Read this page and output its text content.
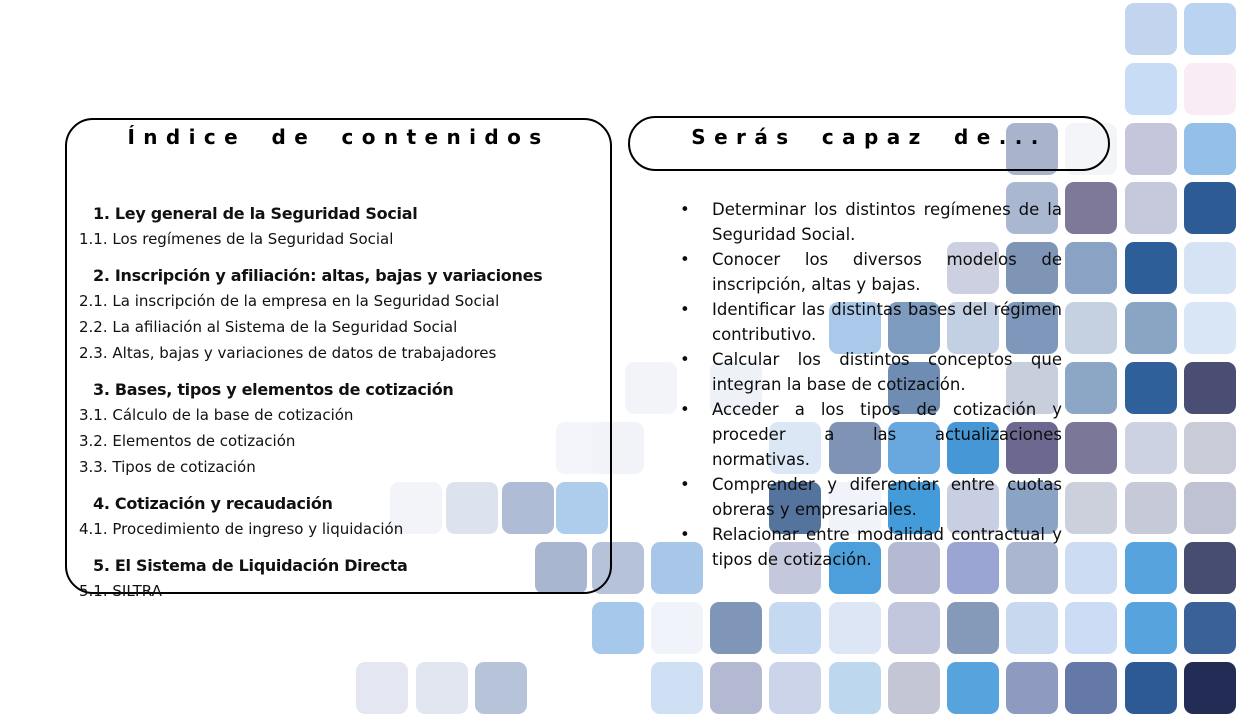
Índice de contenidos
1. Ley general de la Seguridad Social
1.1. Los regímenes de la Seguridad Social
2. Inscripción y afiliación: altas, bajas y variaciones
2.1. La inscripción de la empresa en la Seguridad Social
2.2. La afiliación al Sistema de la Seguridad Social
2.3. Altas, bajas y variaciones de datos de trabajadores
3. Bases, tipos y elementos de cotización
3.1. Cálculo de la base de cotización
3.2. Elementos de cotización
3.3. Tipos de cotización
4. Cotización y recaudación
4.1. Procedimiento de ingreso y liquidación
5. El Sistema de Liquidación Directa
5.1. SILTRA
Serás capaz de...
•	Determinar los distintos regímenes de la Seguridad Social.
•	Conocer los diversos modelos de inscripción, altas y bajas.
•	Identificar las distintas bases del régimen contributivo.
•	Calcular los distintos conceptos que integran la base de cotización.
•	Acceder a los tipos de cotización y proceder a las actualizaciones normativas.
•	Comprender y diferenciar entre cuotas obreras y empresariales.
•	Relacionar entre modalidad contractual y tipos de cotización.
